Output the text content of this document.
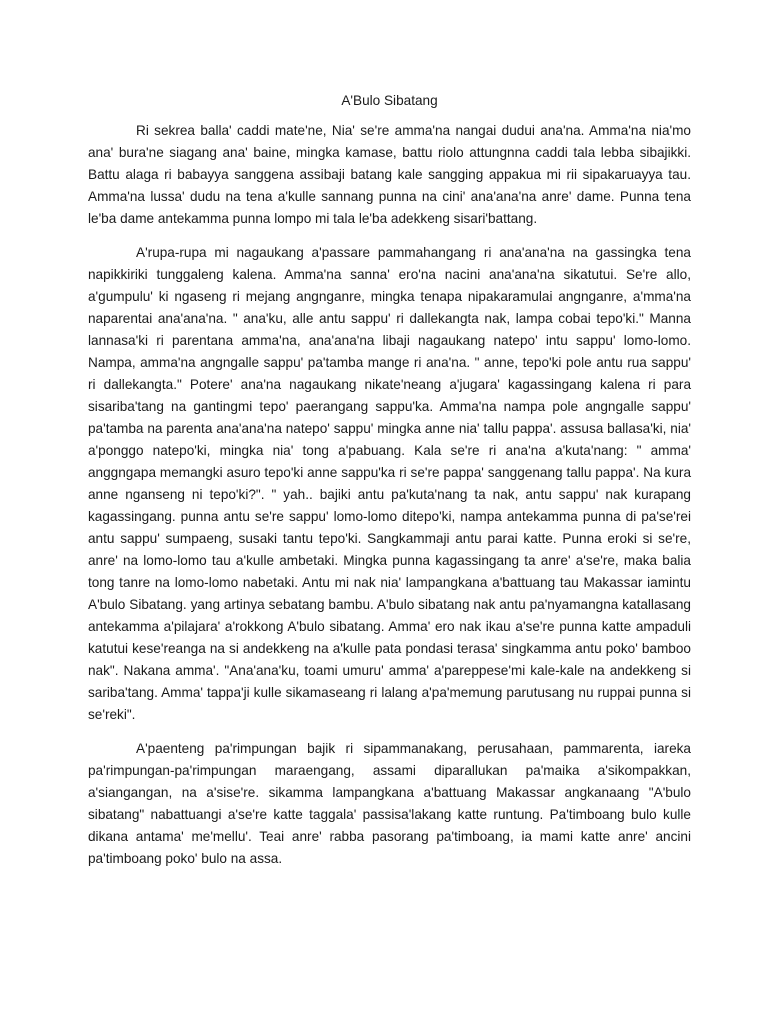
A'Bulo Sibatang

Ri sekrea balla' caddi mate'ne, Nia' se're amma'na nangai dudui ana'na. Amma'na nia'mo ana' bura'ne siagang ana' baine, mingka kamase, battu riolo attungnna caddi tala lebba sibajikki. Battu alaga ri babayya sanggena assibaji batang kale sangging appakua mi rii sipakaruayya tau. Amma'na lussa' dudu na tena a'kulle sannang punna na cini' ana'ana'na anre' dame. Punna tena le'ba dame antekamma punna lompo mi tala le'ba adekkeng sisari'battang.

A'rupa-rupa mi nagaukang a'passare pammahangang ri ana'ana'na na gassingka tena napikkiriki tunggaleng kalena. Amma'na sanna' ero'na nacini ana'ana'na sikatutui. Se're allo, a'gumpulu' ki ngaseng ri mejang angnganre, mingka tenapa nipakaramulai angnganre, a'mma'na naparentai ana'ana'na. " ana'ku, alle antu sappu' ri dallekangta nak, lampa cobai tepo'ki." Manna lannasa'ki ri parentana amma'na, ana'ana'na libaji nagaukang natepo' intu sappu' lomo-lomo. Nampa, amma'na angngalle sappu' pa'tamba mange ri ana'na. " anne, tepo'ki pole antu rua sappu' ri dallekangta." Potere' ana'na nagaukang nikate'neang a'jugara' kagassingang kalena ri para sisariba'tang na gantingmi tepo' paerangang sappu'ka. Amma'na nampa pole angngalle sappu' pa'tamba na parenta ana'ana'na natepo' sappu' mingka anne nia' tallu pappa'. assusa ballasa'ki, nia' a'ponggo natepo'ki, mingka nia' tong a'pabuang. Kala se're ri ana'na a'kuta'nang: " amma' anggngapa memangki asuro tepo'ki anne sappu'ka ri se're pappa' sanggenang tallu pappa'. Na kura anne nganseng ni tepo'ki?". " yah.. bajiki antu pa'kuta'nang ta nak, antu sappu' nak kurapang kagassingang. punna antu se're sappu' lomo-lomo ditepo'ki, nampa antekamma punna di pa'se'rei antu sappu' sumpaeng, susaki tantu tepo'ki. Sangkammaji antu parai katte. Punna eroki si se're, anre' na lomo-lomo tau a'kulle ambetaki. Mingka punna kagassingang ta anre' a'se're, maka balia tong tanre na lomo-lomo nabetaki. Antu mi nak nia' lampangkana a'battuang tau Makassar iamintu A'bulo Sibatang. yang artinya sebatang bambu. A'bulo sibatang nak antu pa'nyamangna katallasang antekamma a'pilajara' a'rokkong A'bulo sibatang. Amma' ero nak ikau a'se're punna katte ampaduli katutui kese'reanga na si andekkeng na a'kulle pata pondasi terasa' singkamma antu poko' bamboo nak". Nakana amma'. "Ana'ana'ku, toami umuru' amma' a'pareppese'mi kale-kale na andekkeng si sariba'tang. Amma' tappa'ji kulle sikamaseang ri lalang a'pa'memung parutusang nu ruppai punna si se'reki".

A'paenteng pa'rimpungan bajik ri sipammanakang, perusahaan, pammarenta, iareka pa'rimpungan-pa'rimpungan maraengang, assami diparallukan pa'maika a'sikompakkan, a'siangangan, na a'sise're. sikamma lampangkana a'battuang Makassar angkanaang "A'bulo sibatang" nabattuangi a'se're katte taggala' passisa'lakang katte runtung. Pa'timboang bulo kulle dikana antama' me'mellu'. Teai anre' rabba pasorang pa'timboang, ia mami katte anre' ancini pa'timboang poko' bulo na assa.
